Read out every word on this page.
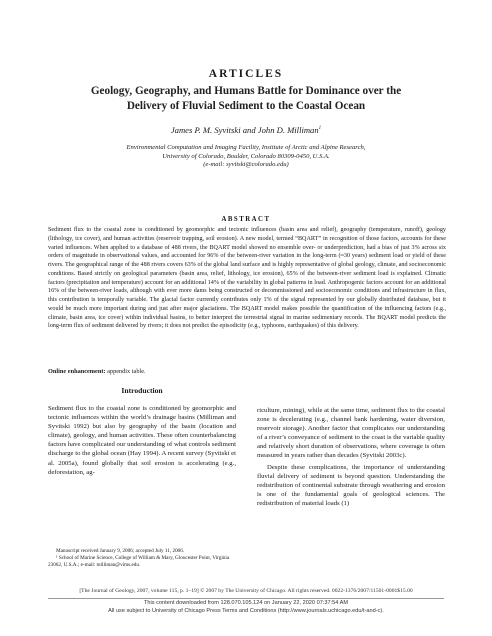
ARTICLES
Geology, Geography, and Humans Battle for Dominance over the
Delivery of Fluvial Sediment to the Coastal Ocean
James P. M. Syvitski and John D. Milliman$^1$
Environmental Computation and Imaging Facility, Institute of Arctic and Alpine Research,
University of Colorado, Boulder, Colorado 80309-0450, U.S.A.
(e-mail: syvitski@colorado.edu)
ABSTRACT

Sediment flux to the coastal zone is conditioned by geomorphic and tectonic influences (basin area and relief), geography (temperature, runoff), geology (lithology, ice cover), and human activities (reservoir trapping, soil erosion). A new model, termed “BQART” in recognition of those factors, accounts for these varied influences. When applied to a database of 488 rivers, the BQART model showed no ensemble over- or underprediction, had a bias of just 3% across six orders of magnitude in observational values, and accounted for 96% of the between-river variation in the long-term (≈30 years) sediment load or yield of these rivers. The geographical range of the 488 rivers covers 63% of the global land surface and is highly representative of global geology, climate, and socioeconomic conditions. Based strictly on geological parameters (basin area, relief, lithology, ice erosion), 65% of the between-river sediment load is explained. Climatic factors (precipitation and temperature) account for an additional 14% of the variability in global patterns in load. Anthropogenic factors account for an additional 16% of the between-river loads, although with ever more dams being constructed or decommissioned and socioeconomic conditions and infrastructure in flux, this contribution is temporally variable. The glacial factor currently contributes only 1% of the signal represented by our globally distributed database, but it would be much more important during and just after major glaciations. The BQART model makes possible the quantification of the influencing factors (e.g., climate, basin area, ice cover) within individual basins, to better interpret the terrestrial signal in marine sedimentary records. The BQART model predicts the long-term flux of sediment delivered by rivers; it does not predict the episodicity (e.g., typhoons, earthquakes) of this delivery.

Online enhancement: appendix table.

Introduction

Sediment flux to the coastal zone is conditioned by geomorphic and tectonic influences within the world’s drainage basins (Milliman and Syvitski 1992) but also by geography of the basin (location and climate), geology, and human activities. These often counterbalancing factors have complicated our understanding of what controls sediment discharge to the global ocean (Hay 1994). A recent survey (Syvitski et al. 2005a), found globally that soil erosion is accelerating (e.g., deforestation, ag-

riculture, mining), while at the same time, sediment flux to the coastal zone is decelerating (e.g., channel bank hardening, water diversion, reservoir storage). Another factor that complicates our understanding of a river’s conveyance of sediment to the coast is the variable quality and relatively short duration of observations, where coverage is often measured in years rather than decades (Syvitski 2003c).

Despite these complications, the importance of understanding fluvial delivery of sediment is beyond question. Understanding the redistribution of continental substrate through weathering and erosion is one of the fundamental goals of geological sciences. The redistribution of material loads (1)

Manuscript received January 9, 2006; accepted July 11, 2006.

¹ School of Marine Science, College of William & Mary, Gloucester Point, Virginia 23062, U.S.A.; e-mail: milliman@vims.edu.

[The Journal of Geology, 2007, volume 115, p. 1–19] © 2007 by The University of Chicago. All rights reserved. 0022-1376/2007/11501-0001$15.00
This content downloaded from 128.070.105.124 on January 22, 2020 07:37:54 AM
All use subject to University of Chicago Press Terms and Conditions (http://www.journals.uchicago.edu/t-and-c).
